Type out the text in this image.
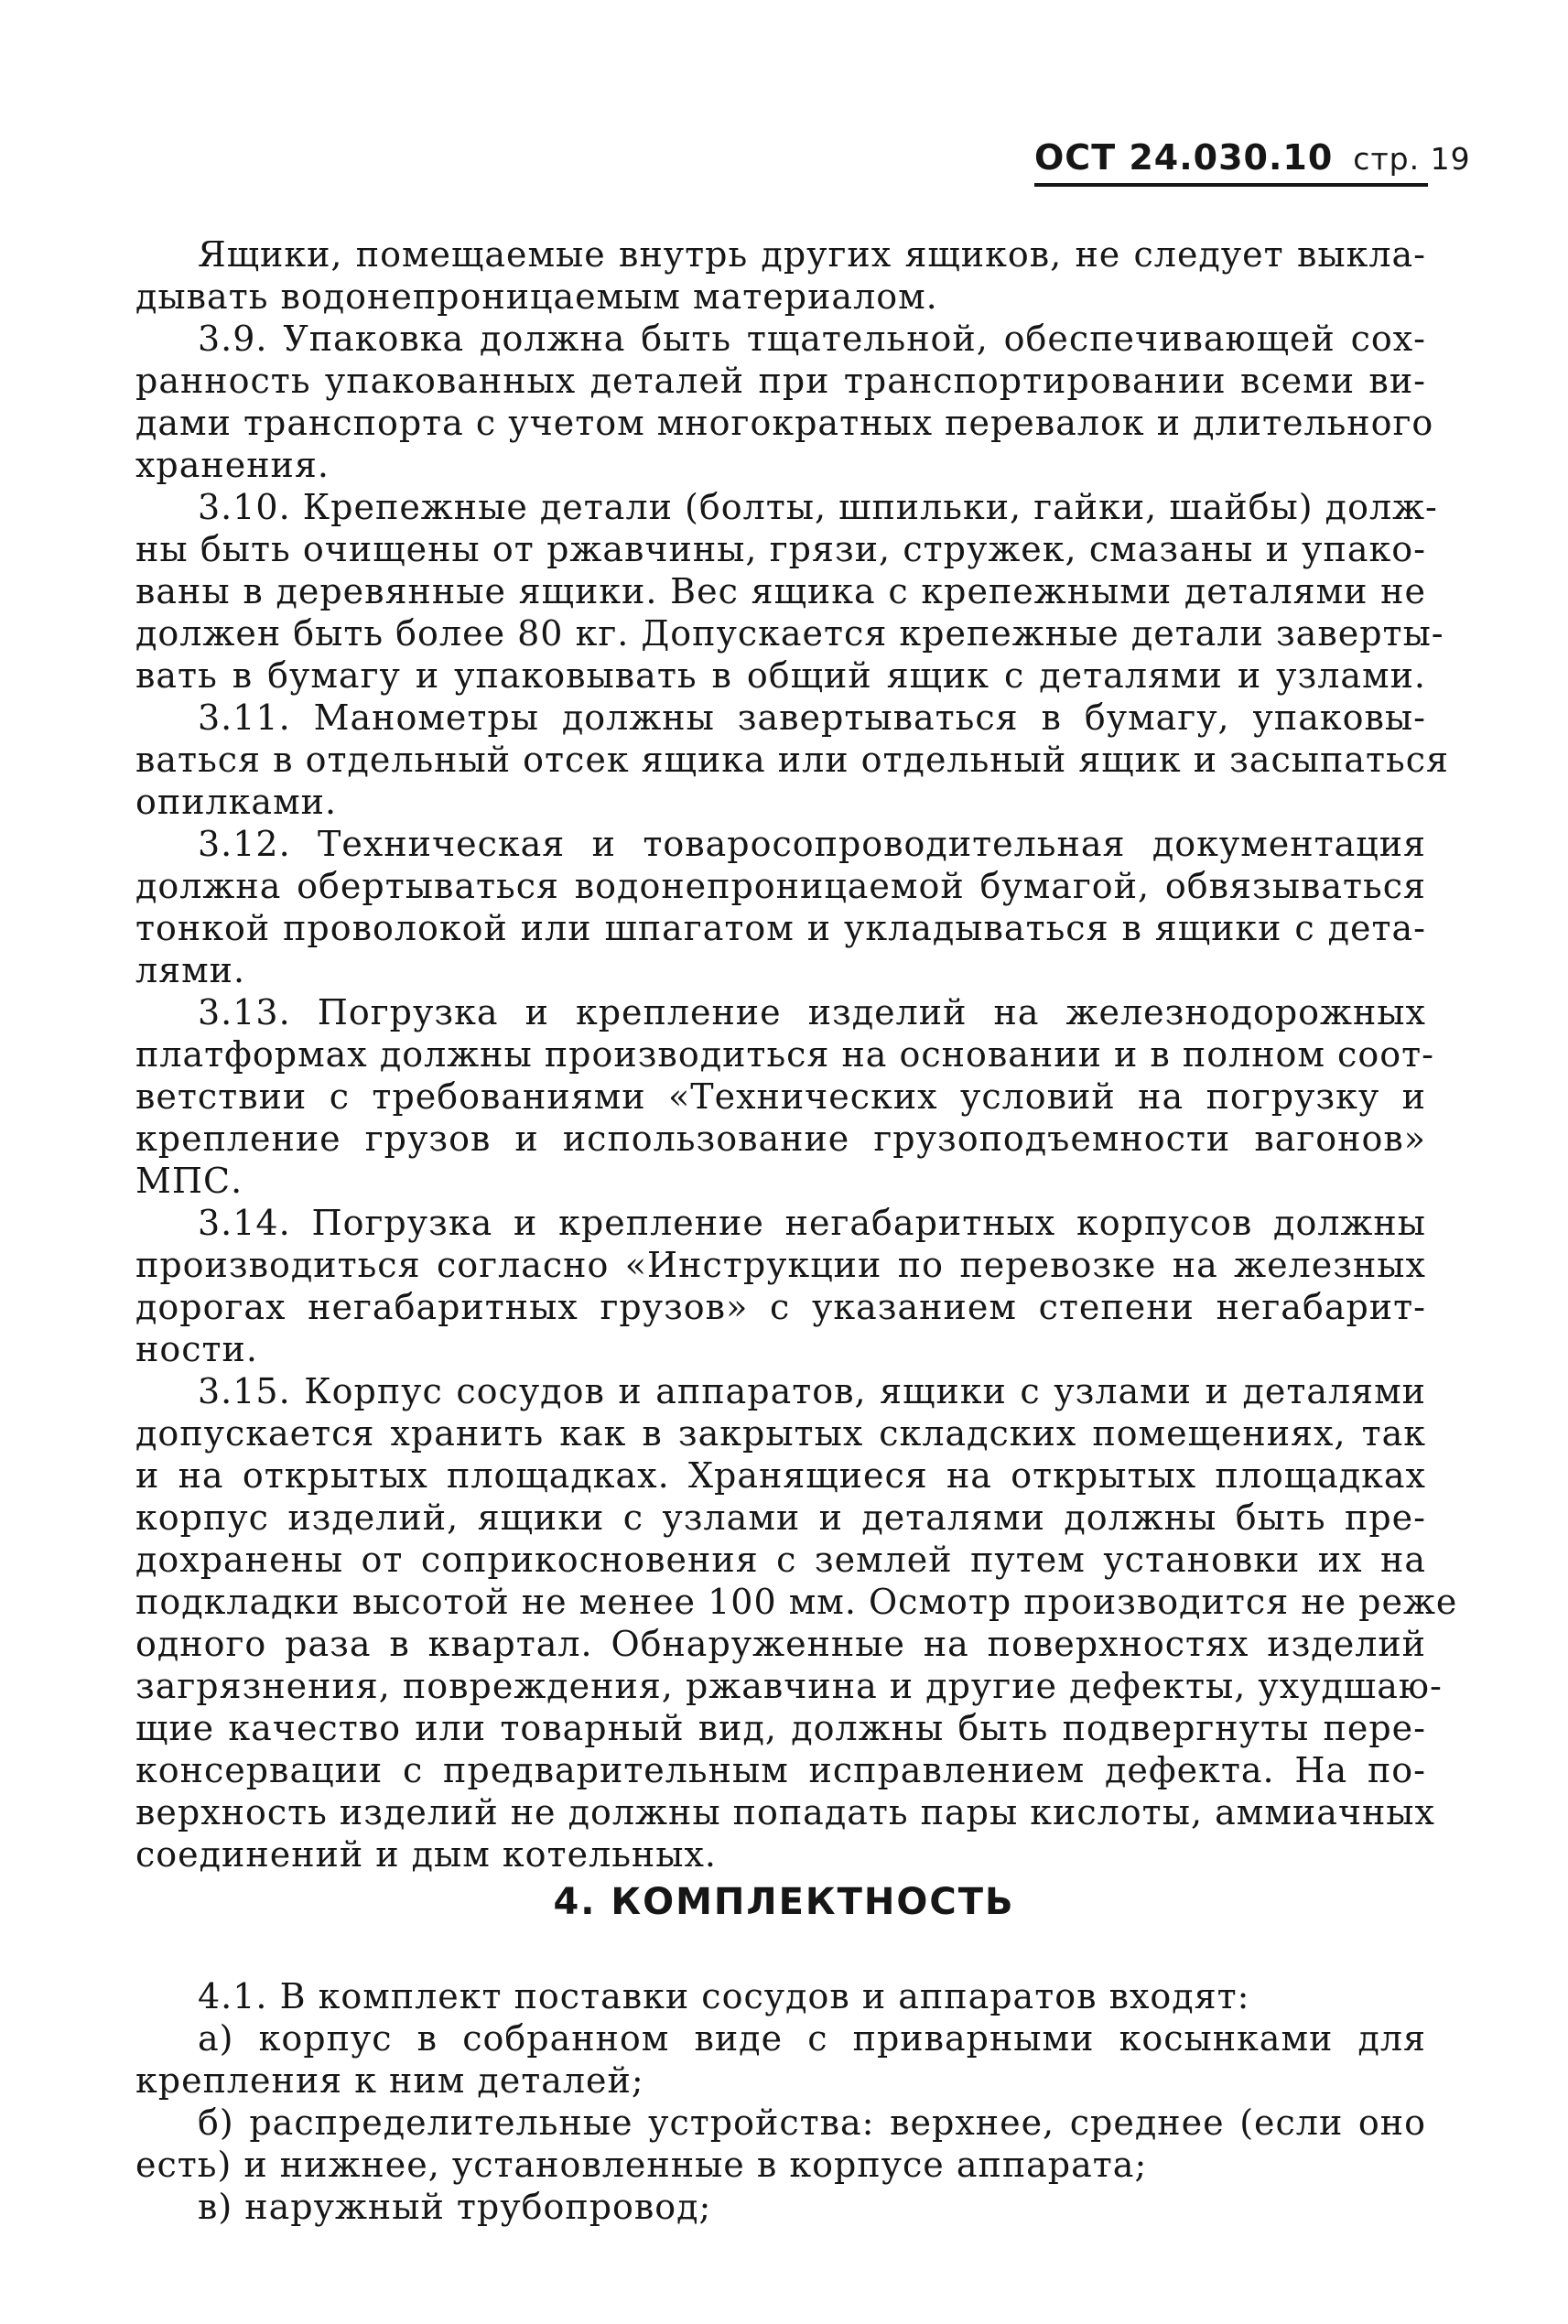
ОСТ 24.030.10 стр. 19
Ящики, помещаемые внутрь других ящиков, не следует выкла-
дывать водонепроницаемым материалом.
3.9. Упаковка должна быть тщательной, обеспечивающей сох-
ранность упакованных деталей при транспортировании всеми ви-
дами транспорта с учетом многократных перевалок и длительного
хранения.
3.10. Крепежные детали (болты, шпильки, гайки, шайбы) долж-
ны быть очищены от ржавчины, грязи, стружек, смазаны и упако-
ваны в деревянные ящики. Вес ящика с крепежными деталями не
должен быть более 80 кг. Допускается крепежные детали заверты-
вать в бумагу и упаковывать в общий ящик с деталями и узлами.
3.11. Манометры должны завертываться в бумагу, упаковы-
ваться в отдельный отсек ящика или отдельный ящик и засыпаться
опилками.
3.12. Техническая и товаросопроводительная документация
должна обертываться водонепроницаемой бумагой, обвязываться
тонкой проволокой или шпагатом и укладываться в ящики с дета-
лями.
3.13. Погрузка и крепление изделий на железнодорожных
платформах должны производиться на основании и в полном соот-
ветствии с требованиями «Технических условий на погрузку и
крепление грузов и использование грузоподъемности вагонов»
МПС.
3.14. Погрузка и крепление негабаритных корпусов должны
производиться согласно «Инструкции по перевозке на железных
дорогах негабаритных грузов» с указанием степени негабарит-
ности.
3.15. Корпус сосудов и аппаратов, ящики с узлами и деталями
допускается хранить как в закрытых складских помещениях, так
и на открытых площадках. Хранящиеся на открытых площадках
корпус изделий, ящики с узлами и деталями должны быть пре-
дохранены от соприкосновения с землей путем установки их на
подкладки высотой не менее 100 мм. Осмотр производится не реже
одного раза в квартал. Обнаруженные на поверхностях изделий
загрязнения, повреждения, ржавчина и другие дефекты, ухудшаю-
щие качество или товарный вид, должны быть подвергнуты пере-
консервации с предварительным исправлением дефекта. На по-
верхность изделий не должны попадать пары кислоты, аммиачных
соединений и дым котельных.
4. КОМПЛЕКТНОСТЬ
4.1. В комплект поставки сосудов и аппаратов входят:
а) корпус в собранном виде с приварными косынками для
крепления к ним деталей;
б) распределительные устройства: верхнее, среднее (если оно
есть) и нижнее, установленные в корпусе аппарата;
в) наружный трубопровод;
